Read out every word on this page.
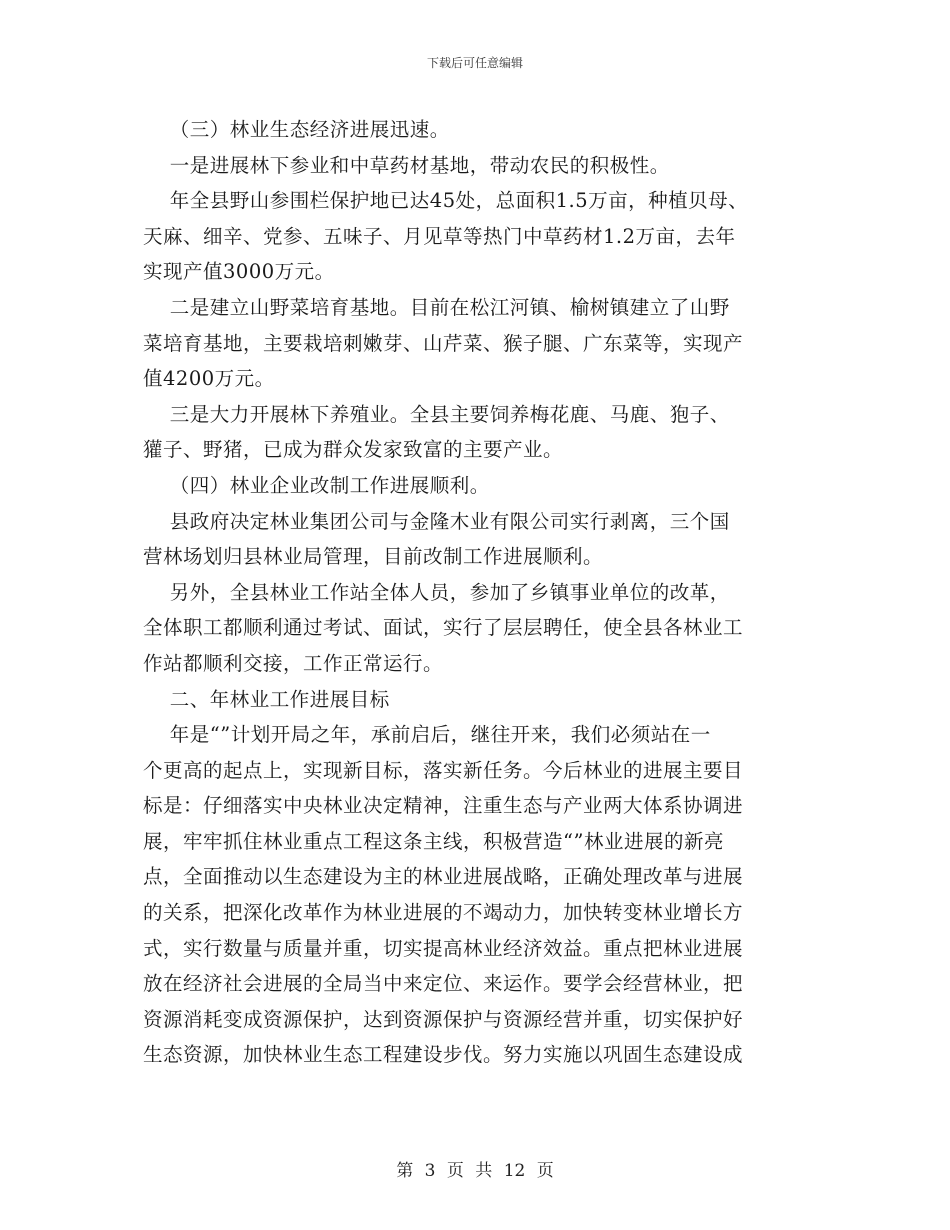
下载后可任意编辑

（三）林业生态经济进展迅速。

一是进展林下参业和中草药材基地，带动农民的积极性。

年全县野山参围栏保护地已达45处，总面积1.5万亩，种植贝母、

天麻、细辛、党参、五味子、月见草等热门中草药材1.2万亩，去年

实现产值3000万元。

二是建立山野菜培育基地。目前在松江河镇、榆树镇建立了山野

菜培育基地，主要栽培刺嫩芽、山芹菜、猴子腿、广东菜等，实现产

值4200万元。

三是大力开展林下养殖业。全县主要饲养梅花鹿、马鹿、狍子、

獾子、野猪，已成为群众发家致富的主要产业。

（四）林业企业改制工作进展顺利。

县政府决定林业集团公司与金隆木业有限公司实行剥离，三个国

营林场划归县林业局管理，目前改制工作进展顺利。

另外，全县林业工作站全体人员，参加了乡镇事业单位的改革，

全体职工都顺利通过考试、面试，实行了层层聘任，使全县各林业工

作站都顺利交接，工作正常运行。

二、年林业工作进展目标

年是“”计划开局之年，承前启后，继往开来，我们必须站在一

个更高的起点上，实现新目标，落实新任务。今后林业的进展主要目

标是：仔细落实中央林业决定精神，注重生态与产业两大体系协调进

展，牢牢抓住林业重点工程这条主线，积极营造“”林业进展的新亮

点，全面推动以生态建设为主的林业进展战略，正确处理改革与进展

的关系，把深化改革作为林业进展的不竭动力，加快转变林业增长方

式，实行数量与质量并重，切实提高林业经济效益。重点把林业进展

放在经济社会进展的全局当中来定位、来运作。要学会经营林业，把

资源消耗变成资源保护，达到资源保护与资源经营并重，切实保护好

生态资源，加快林业生态工程建设步伐。努力实施以巩固生态建设成

第 3 页 共 12 页
